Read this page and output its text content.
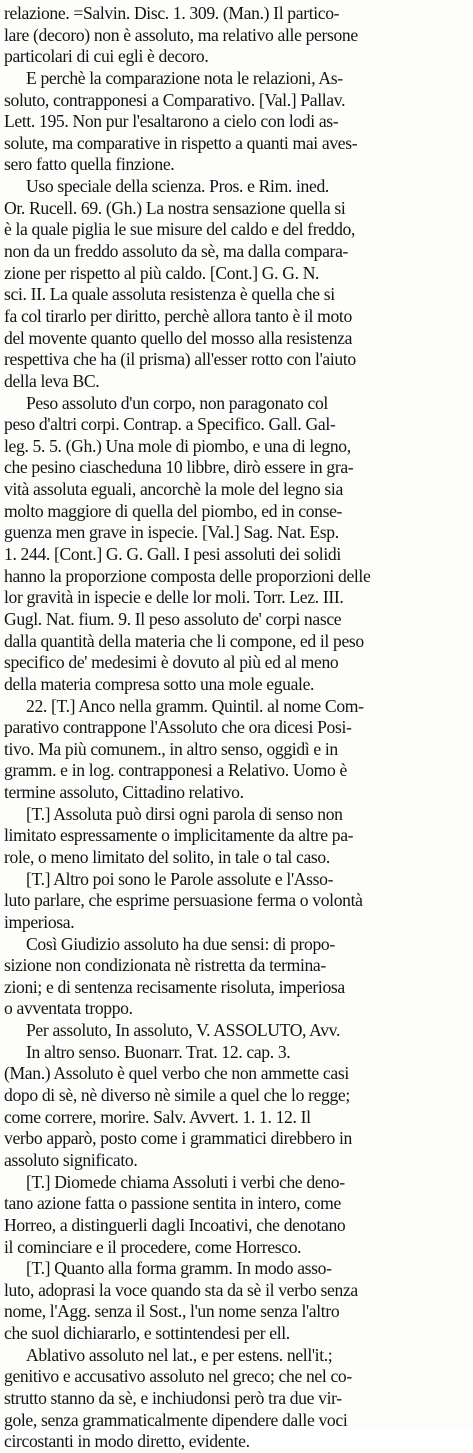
relazione. =Salvin. Disc. 1. 309. (Man.) Il partico-
lare (decoro) non è assoluto, ma relativo alle persone
particolari di cui egli è decoro.
E perchè la comparazione nota le relazioni, As-
soluto, contrapponesi a Comparativo. [Val.] Pallav.
Lett. 195. Non pur l'esaltarono a cielo con lodi as-
solute, ma comparative in rispetto a quanti mai aves-
sero fatto quella finzione.
Uso speciale della scienza. Pros. e Rim. ined.
Or. Rucell. 69. (Gh.) La nostra sensazione quella si
è la quale piglia le sue misure del caldo e del freddo,
non da un freddo assoluto da sè, ma dalla compara-
zione per rispetto al più caldo. [Cont.] G. G. N.
sci. II. La quale assoluta resistenza è quella che si
fa col tirarlo per diritto, perchè allora tanto è il moto
del movente quanto quello del mosso alla resistenza
respettiva che ha (il prisma) all'esser rotto con l'aiuto
della leva BC.
Peso assoluto d'un corpo, non paragonato col
peso d'altri corpi. Contrap. a Specifico. Gall. Gal-
leg. 5. 5. (Gh.) Una mole di piombo, e una di legno,
che pesino ciascheduna 10 libbre, dirò essere in gra-
vità assoluta eguali, ancorchè la mole del legno sia
molto maggiore di quella del piombo, ed in conse-
guenza men grave in ispecie. [Val.] Sag. Nat. Esp.
1. 244. [Cont.] G. G. Gall. I pesi assoluti dei solidi
hanno la proporzione composta delle proporzioni delle
lor gravità in ispecie e delle lor moli. Torr. Lez. III.
Gugl. Nat. fium. 9. Il peso assoluto de' corpi nasce
dalla quantità della materia che li compone, ed il peso
specifico de' medesimi è dovuto al più ed al meno
della materia compresa sotto una mole eguale.
22. [T.] Anco nella gramm. Quintil. al nome Com-
parativo contrappone l'Assoluto che ora dicesi Posi-
tivo. Ma più comunem., in altro senso, oggidì e in
gramm. e in log. contrapponesi a Relativo. Uomo è
termine assoluto, Cittadino relativo.
[T.] Assoluta può dirsi ogni parola di senso non
limitato espressamente o implicitamente da altre pa-
role, o meno limitato del solito, in tale o tal caso.
[T.] Altro poi sono le Parole assolute e l'Asso-
luto parlare, che esprime persuasione ferma o volontà
imperiosa.
Così Giudizio assoluto ha due sensi: di propo-
sizione non condizionata nè ristretta da termina-
zioni; e di sentenza recisamente risoluta, imperiosa
o avventata troppo.
Per assoluto, In assoluto, V. ASSOLUTO, Avv.
In altro senso. Buonarr. Trat. 12. cap. 3.
(Man.) Assoluto è quel verbo che non ammette casi
dopo di sè, nè diverso nè simile a quel che lo regge;
come correre, morire. Salv. Avvert. 1. 1. 12. Il
verbo apparò, posto come i grammatici direbbero in
assoluto significato.
[T.] Diomede chiama Assoluti i verbi che deno-
tano azione fatta o passione sentita in intero, come
Horreo, a distinguerli dagli Incoativi, che denotano
il cominciare e il procedere, come Horresco.
[T.] Quanto alla forma gramm. In modo asso-
luto, adoprasi la voce quando sta da sè il verbo senza
nome, l'Agg. senza il Sost., l'un nome senza l'altro
che suol dichiararlo, e sottintendesi per ell.
Ablativo assoluto nel lat., e per estens. nell'it.;
genitivo e accusativo assoluto nel greco; che nel co-
strutto stanno da sè, e inchiudonsi però tra due vir-
gole, senza grammaticalmente dipendere dalle voci
circostanti in modo diretto, evidente.
